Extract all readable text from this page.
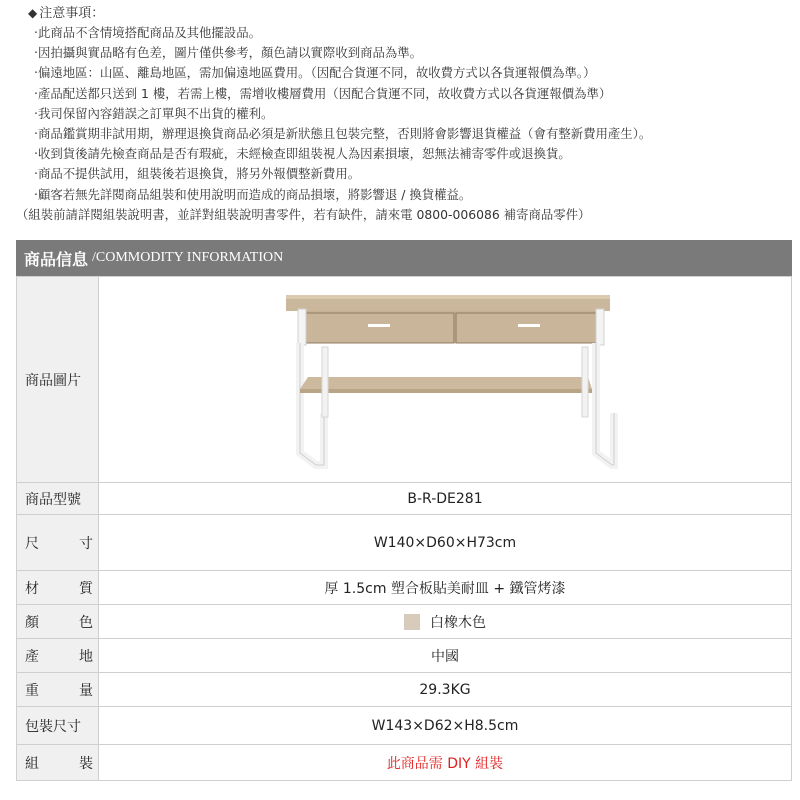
◆ 注意事項：
‧此商品不含情境搭配商品及其他擺設品。
‧因拍攝與實品略有色差，圖片僅供參考，顏色請以實際收到商品為準。
‧偏遠地區：山區、離島地區，需加偏遠地區費用。（因配合貨運不同，故收費方式以各貨運報價為準。）
‧產品配送都只送到 1 樓，若需上樓，需增收樓層費用（因配合貨運不同，故收費方式以各貨運報價為準）
‧我司保留內容錯誤之訂單與不出貨的權利。
‧商品鑑賞期非試用期，辦理退換貨商品必須是新狀態且包裝完整，否則將會影響退貨權益（會有整新費用產生）。
‧收到貨後請先檢查商品是否有瑕疵，未經檢查即組裝視人為因素損壞，恕無法補寄零件或退換貨。
‧商品不提供試用，組裝後若退換貨，將另外報價整新費用。
‧顧客若無先詳閱商品組裝和使用說明而造成的商品損壞，將影響退 / 換貨權益。
（組裝前請詳閱組裝說明書，並詳對組裝說明書零件，若有缺件，請來電 0800-006086 補寄商品零件）
商品信息 /COMMODITY INFORMATION
商品圖片	

商品型號	B-R-DE281

尺 寸	W140×D60×H73cm

材 質	厚 1.5cm 塑合板貼美耐皿 + 鐵管烤漆

顏 色	白橡木色

產 地	中國

重 量	29.3KG
包裝尺寸	W143×D62×H8.5cm

組 裝	此商品需 DIY 組裝
